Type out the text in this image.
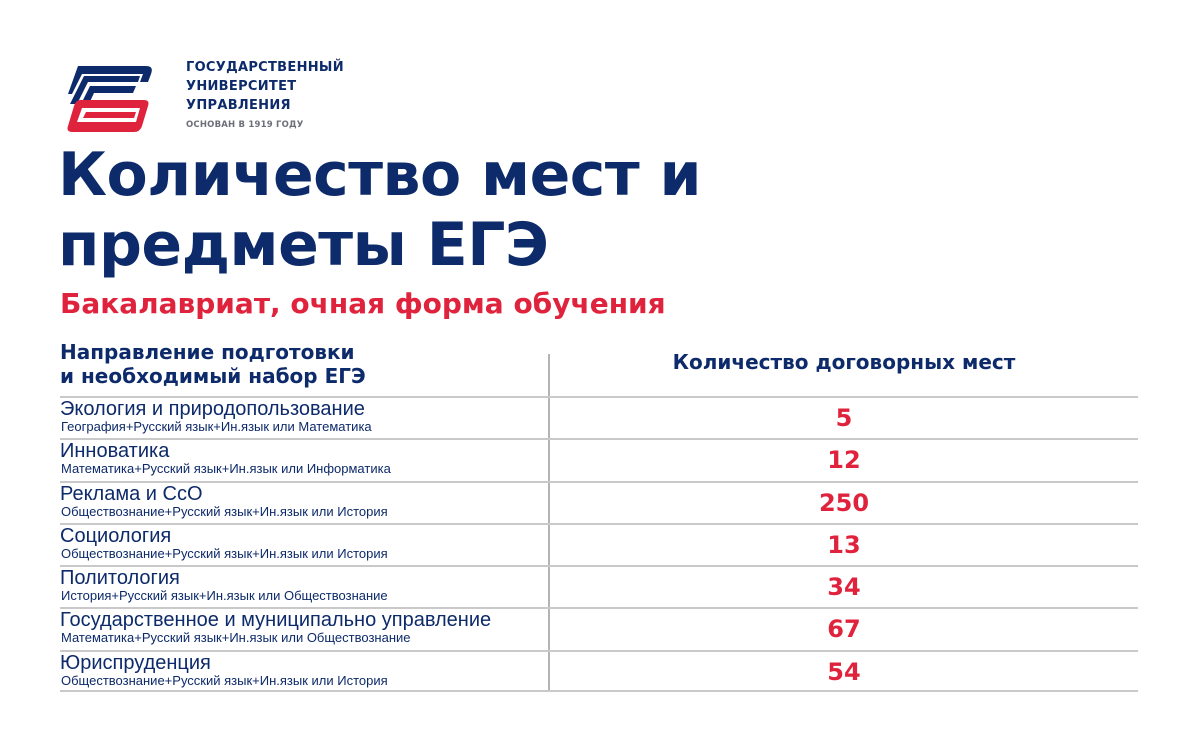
ГОСУДАРСТВЕННЫЙ
УНИВЕРСИТЕТ
УПРАВЛЕНИЯ
ОСНОВАН В 1919 ГОДУ
Количество мест и
предметы ЕГЭ
Бакалавриат, очная форма обучения
Направление подготовки
и необходимый набор ЕГЭ
Количество договорных мест
Экология и природопользование
География+Русский язык+Ин.язык или Математика	5
Инноватика
Математика+Русский язык+Ин.язык или Информатика	12
Реклама и СсО
Обществознание+Русский язык+Ин.язык или История	250
Социология
Обществознание+Русский язык+Ин.язык или История	13
Политология
История+Русский язык+Ин.язык или Обществознание	34
Государственное и муниципально управление
Математика+Русский язык+Ин.язык или Обществознание	67
Юриспруденция
Обществознание+Русский язык+Ин.язык или История	54
